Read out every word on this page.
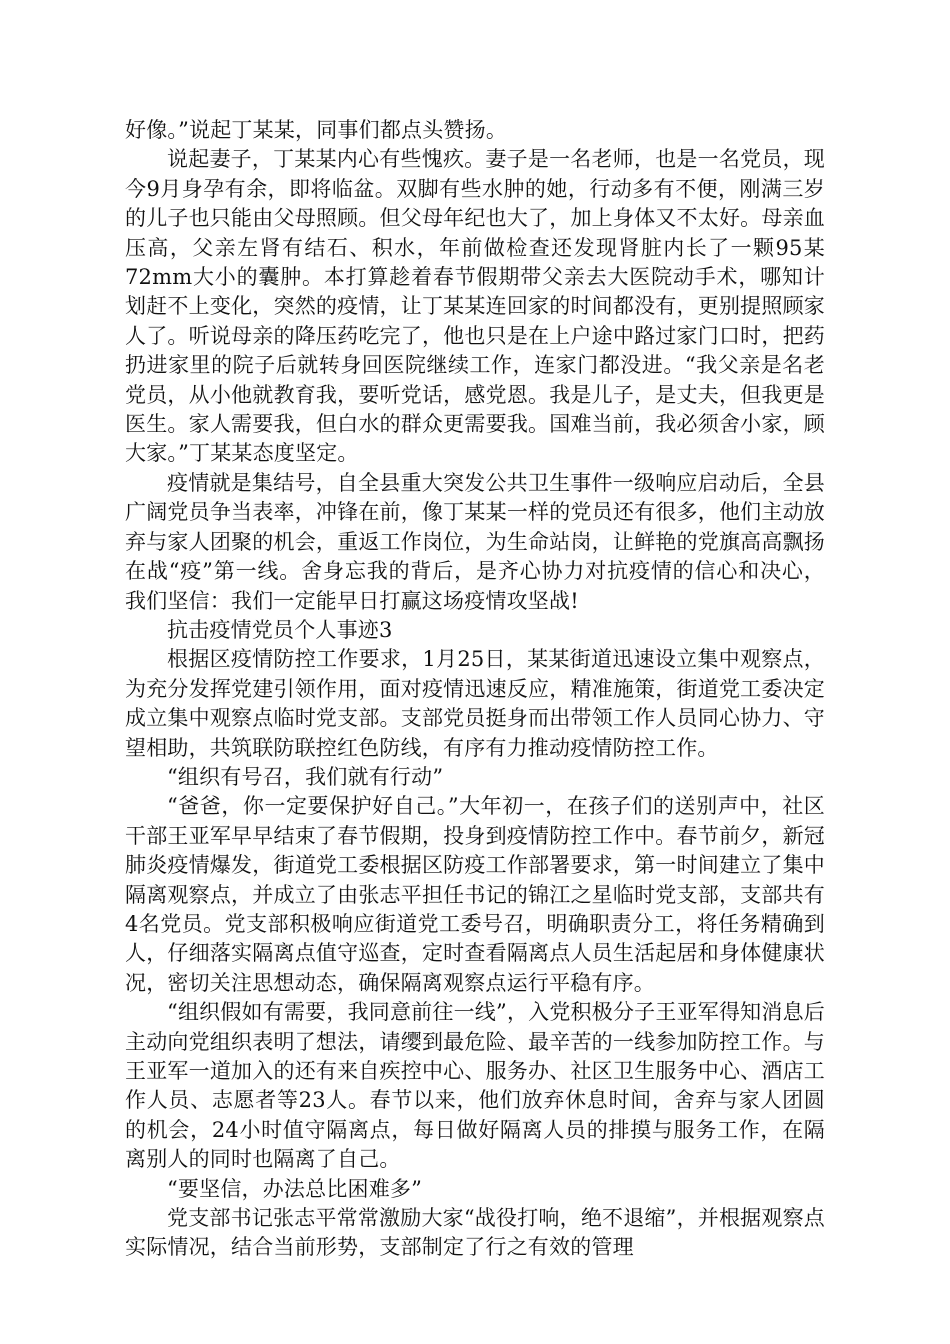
好像。”说起丁某某，同事们都点头赞扬。

说起妻子，丁某某内心有些愧疚。妻子是一名老师，也是一名党员，现今9月身孕有余，即将临盆。双脚有些水肿的她，行动多有不便，刚满三岁的儿子也只能由父母照顾。但父母年纪也大了，加上身体又不太好。母亲血压高，父亲左肾有结石、积水，年前做检查还发现肾脏内长了一颗95某72mm大小的囊肿。本打算趁着春节假期带父亲去大医院动手术，哪知计划赶不上变化，突然的疫情，让丁某某连回家的时间都没有，更别提照顾家人了。听说母亲的降压药吃完了，他也只是在上户途中路过家门口时，把药扔进家里的院子后就转身回医院继续工作，连家门都没进。“我父亲是名老党员，从小他就教育我，要听党话，感党恩。我是儿子，是丈夫，但我更是医生。家人需要我，但白水的群众更需要我。国难当前，我必须舍小家，顾大家。”丁某某态度坚定。

疫情就是集结号，自全县重大突发公共卫生事件一级响应启动后，全县广阔党员争当表率，冲锋在前，像丁某某一样的党员还有很多，他们主动放弃与家人团聚的机会，重返工作岗位，为生命站岗，让鲜艳的党旗高高飘扬在战“疫”第一线。舍身忘我的背后，是齐心协力对抗疫情的信心和决心，我们坚信：我们一定能早日打赢这场疫情攻坚战!

抗击疫情党员个人事迹3

根据区疫情防控工作要求，1月25日，某某街道迅速设立集中观察点，为充分发挥党建引领作用，面对疫情迅速反应，精准施策，街道党工委决定成立集中观察点临时党支部。支部党员挺身而出带领工作人员同心协力、守望相助，共筑联防联控红色防线，有序有力推动疫情防控工作。

“组织有号召，我们就有行动”

“爸爸，你一定要保护好自己。”大年初一，在孩子们的送别声中，社区干部王亚军早早结束了春节假期，投身到疫情防控工作中。春节前夕，新冠肺炎疫情爆发，街道党工委根据区防疫工作部署要求，第一时间建立了集中隔离观察点，并成立了由张志平担任书记的锦江之星临时党支部，支部共有4名党员。党支部积极响应街道党工委号召，明确职责分工，将任务精确到人，仔细落实隔离点值守巡查，定时查看隔离点人员生活起居和身体健康状况，密切关注思想动态，确保隔离观察点运行平稳有序。

“组织假如有需要，我同意前往一线”，入党积极分子王亚军得知消息后主动向党组织表明了想法，请缨到最危险、最辛苦的一线参加防控工作。与王亚军一道加入的还有来自疾控中心、服务办、社区卫生服务中心、酒店工作人员、志愿者等23人。春节以来，他们放弃休息时间，舍弃与家人团圆的机会，24小时值守隔离点，每日做好隔离人员的排摸与服务工作，在隔离别人的同时也隔离了自己。

“要坚信，办法总比困难多”

党支部书记张志平常常激励大家“战役打响，绝不退缩”，并根据观察点实际情况，结合当前形势，支部制定了行之有效的管理
